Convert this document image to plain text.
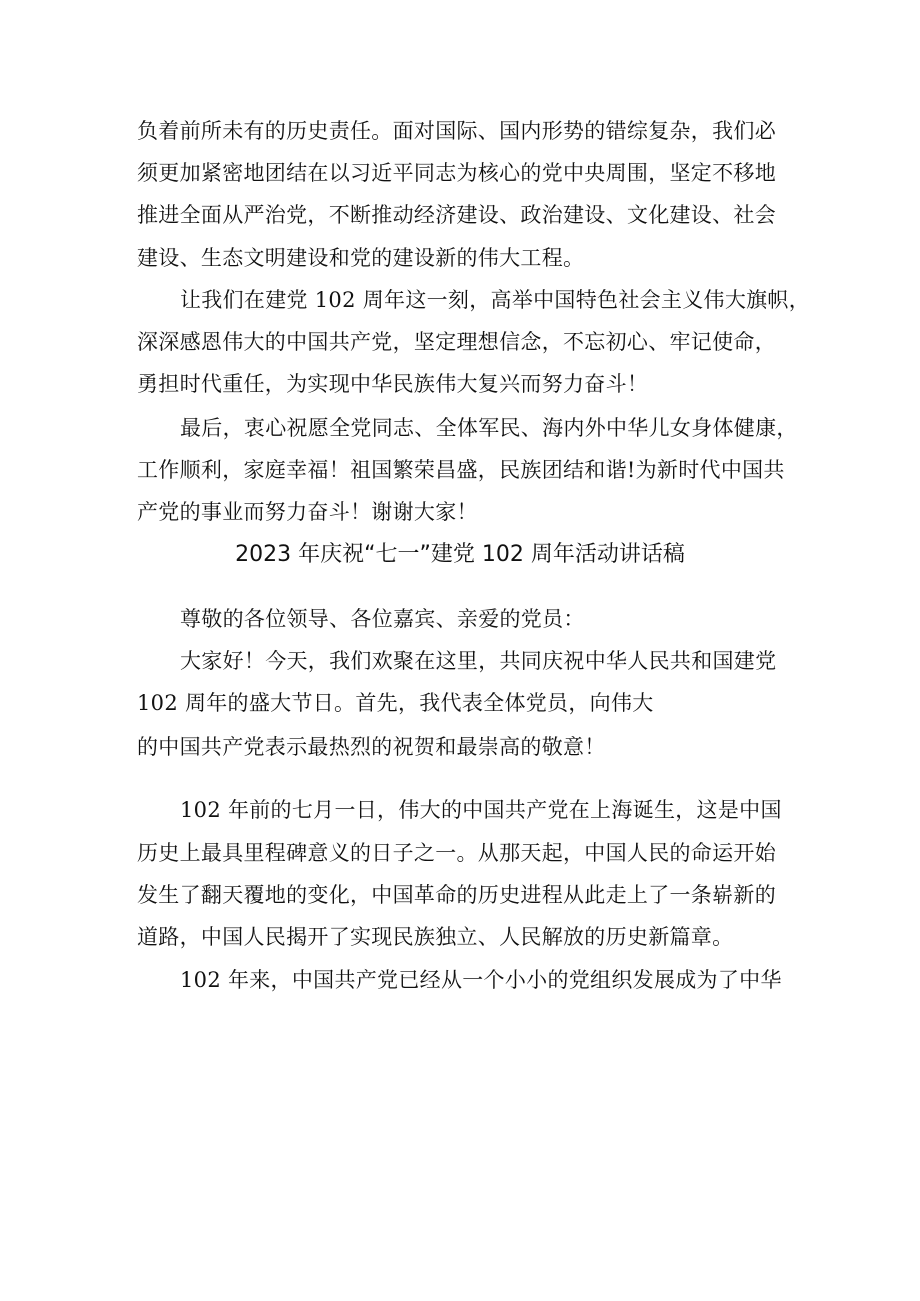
负着前所未有的历史责任。面对国际、国内形势的错综复杂，我们必
须更加紧密地团结在以习近平同志为核心的党中央周围，坚定不移地
推进全面从严治党，不断推动经济建设、政治建设、文化建设、社会
建设、生态文明建设和党的建设新的伟大工程。
让我们在建党 102 周年这一刻，高举中国特色社会主义伟大旗帜，
深深感恩伟大的中国共产党，坚定理想信念，不忘初心、牢记使命，
勇担时代重任，为实现中华民族伟大复兴而努力奋斗！
最后，衷心祝愿全党同志、全体军民、海内外中华儿女身体健康，
工作顺利，家庭幸福！祖国繁荣昌盛，民族团结和谐!为新时代中国共
产党的事业而努力奋斗！谢谢大家！
2023 年庆祝“七一”建党 102 周年活动讲话稿
尊敬的各位领导、各位嘉宾、亲爱的党员：
大家好！今天，我们欢聚在这里，共同庆祝中华人民共和国建党
102 周年的盛大节日。首先，我代表全体党员，向伟大
的中国共产党表示最热烈的祝贺和最崇高的敬意！
102 年前的七月一日，伟大的中国共产党在上海诞生，这是中国
历史上最具里程碑意义的日子之一。从那天起，中国人民的命运开始
发生了翻天覆地的变化，中国革命的历史进程从此走上了一条崭新的
道路，中国人民揭开了实现民族独立、人民解放的历史新篇章。
102 年来，中国共产党已经从一个小小的党组织发展成为了中华
